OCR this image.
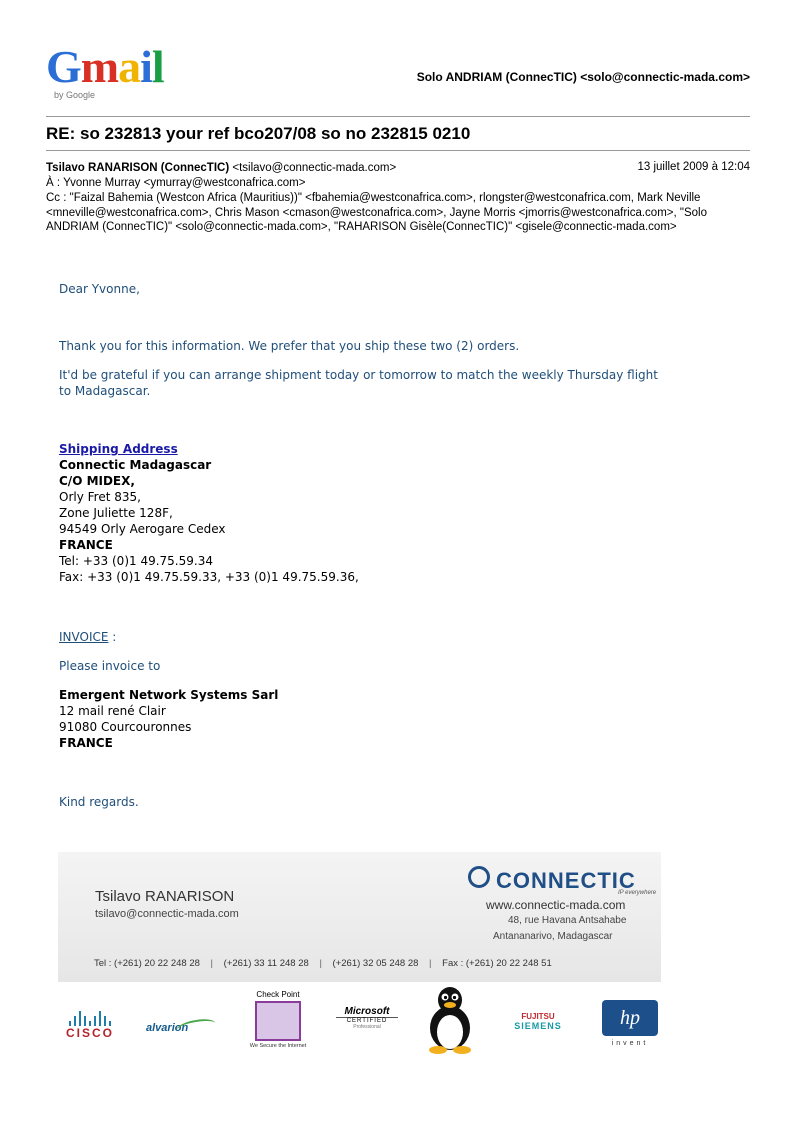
Gmail
by Google
Solo ANDRIAM (ConnecTIC) <solo@connectic-mada.com>
RE: so 232813 your ref bco207/08 so no 232815 0210
Tsilavo RANARISON (ConnecTIC) <tsilavo@connectic-mada.com>	13 juillet 2009 à 12:04
À : Yvonne Murray <ymurray@westconafrica.com>
Cc : "Faizal Bahemia (Westcon Africa (Mauritius))" <fbahemia@westconafrica.com>, rlongster@westconafrica.com, Mark Neville <mneville@westconafrica.com>, Chris Mason <cmason@westconafrica.com>, Jayne Morris <jmorris@westconafrica.com>, "Solo ANDRIAM (ConnecTIC)" <solo@connectic-mada.com>, "RAHARISON Gisèle(ConnecTIC)" <gisele@connectic-mada.com>
Dear Yvonne,
Thank you for this information. We prefer that you ship these two (2) orders.
It'd be grateful if you can arrange shipment today or tomorrow to match the weekly Thursday flight
to Madagascar.
Shipping Address
Connectic Madagascar
C/O MIDEX,
Orly Fret 835,
Zone Juliette 128F,
94549 Orly Aerogare Cedex
FRANCE
Tel: +33 (0)1 49.75.59.34
Fax: +33 (0)1 49.75.59.33, +33 (0)1 49.75.59.36,
INVOICE :
Please invoice to
Emergent Network Systems Sarl
12 mail rené Clair
91080 Courcouronnes
FRANCE
Kind regards.
Tsilavo RANARISON
tsilavo@connectic-mada.com
CONNECTIC
IP everywhere
www.connectic-mada.com
48, rue Havana Antsahabe
Antananarivo, Madagascar
Tel : (+261) 20 22 248 28 | (+261) 33 11 248 28 | (+261) 32 05 248 28 | Fax : (+261) 20 22 248 51
CISCO	alvarion
Check Point
We Secure the Internet
Microsoft
CERTIFIED
Professional
FUJITSU
SIEMENS	hp
invent
